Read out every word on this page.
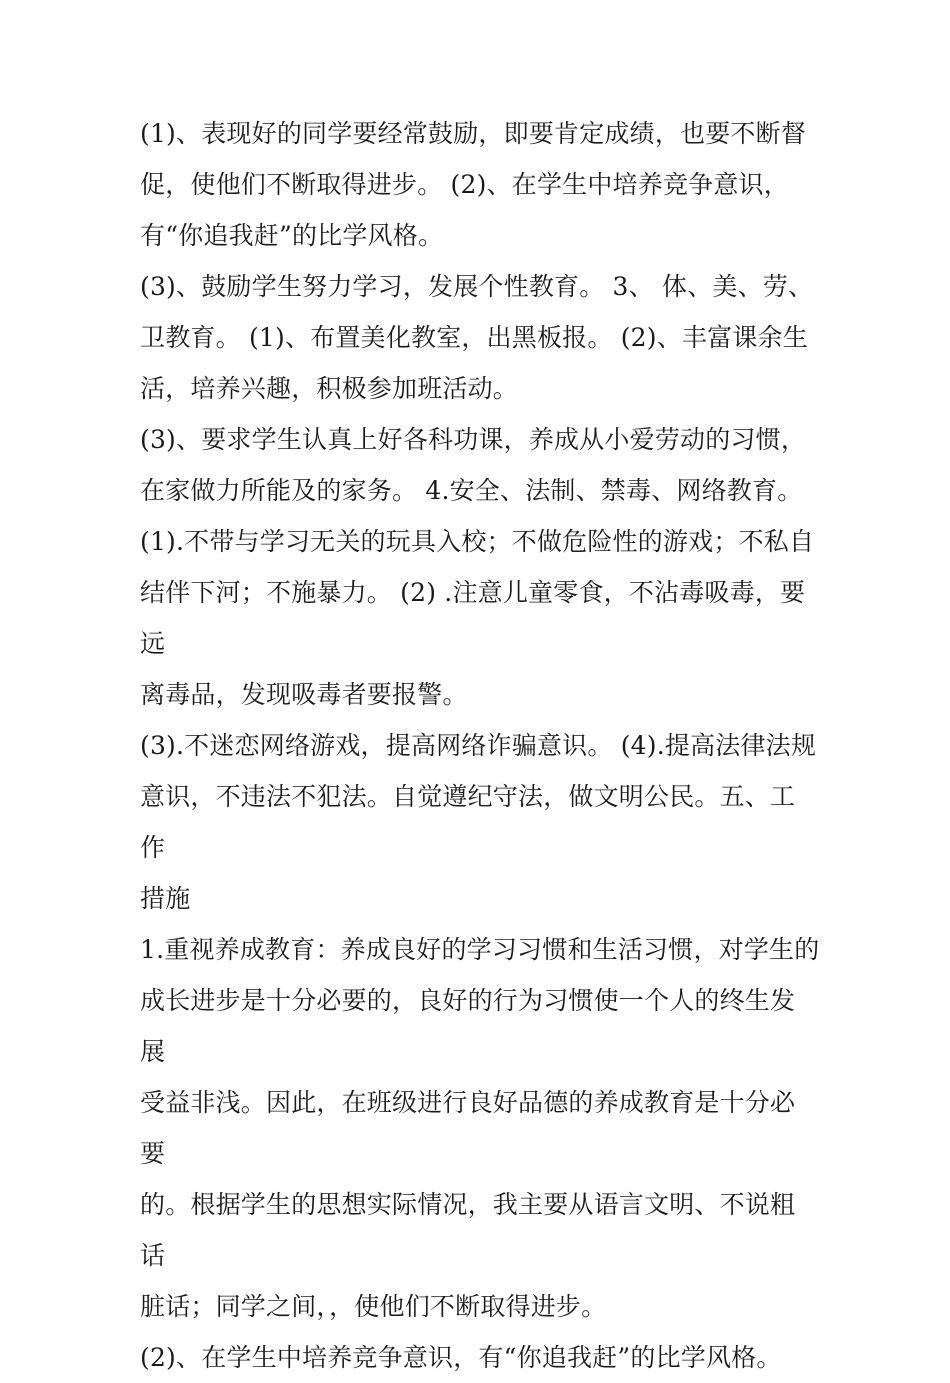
(1)、表现好的同学要经常鼓励，即要肯定成绩，也要不断督
促，使他们不断取得进步。 (2)、在学生中培养竞争意识，
有“你追我赶”的比学风格。

(3)、鼓励学生努力学习，发展个性教育。 3、 体、美、劳、
卫教育。 (1)、布置美化教室，出黑板报。 (2)、丰富课余生
活，培养兴趣，积极参加班活动。

(3)、要求学生认真上好各科功课，养成从小爱劳动的习惯，
在家做力所能及的家务。 4.安全、法制、禁毒、网络教育。

(1).不带与学习无关的玩具入校；不做危险性的游戏；不私自
结伴下河；不施暴力。 (2) .注意儿童零食，不沾毒吸毒，要远
离毒品，发现吸毒者要报警。

(3).不迷恋网络游戏，提高网络诈骗意识。 (4).提高法律法规
意识，不违法不犯法。自觉遵纪守法，做文明公民。五、工作
措施

1.重视养成教育：养成良好的学习习惯和生活习惯，对学生的
成长进步是十分必要的，良好的行为习惯使一个人的终生发展
受益非浅。因此，在班级进行良好品德的养成教育是十分必要
的。根据学生的思想实际情况，我主要从语言文明、不说粗话
脏话；同学之间，，使他们不断取得进步。

(2)、在学生中培养竞争意识，有“你追我赶”的比学风格。
